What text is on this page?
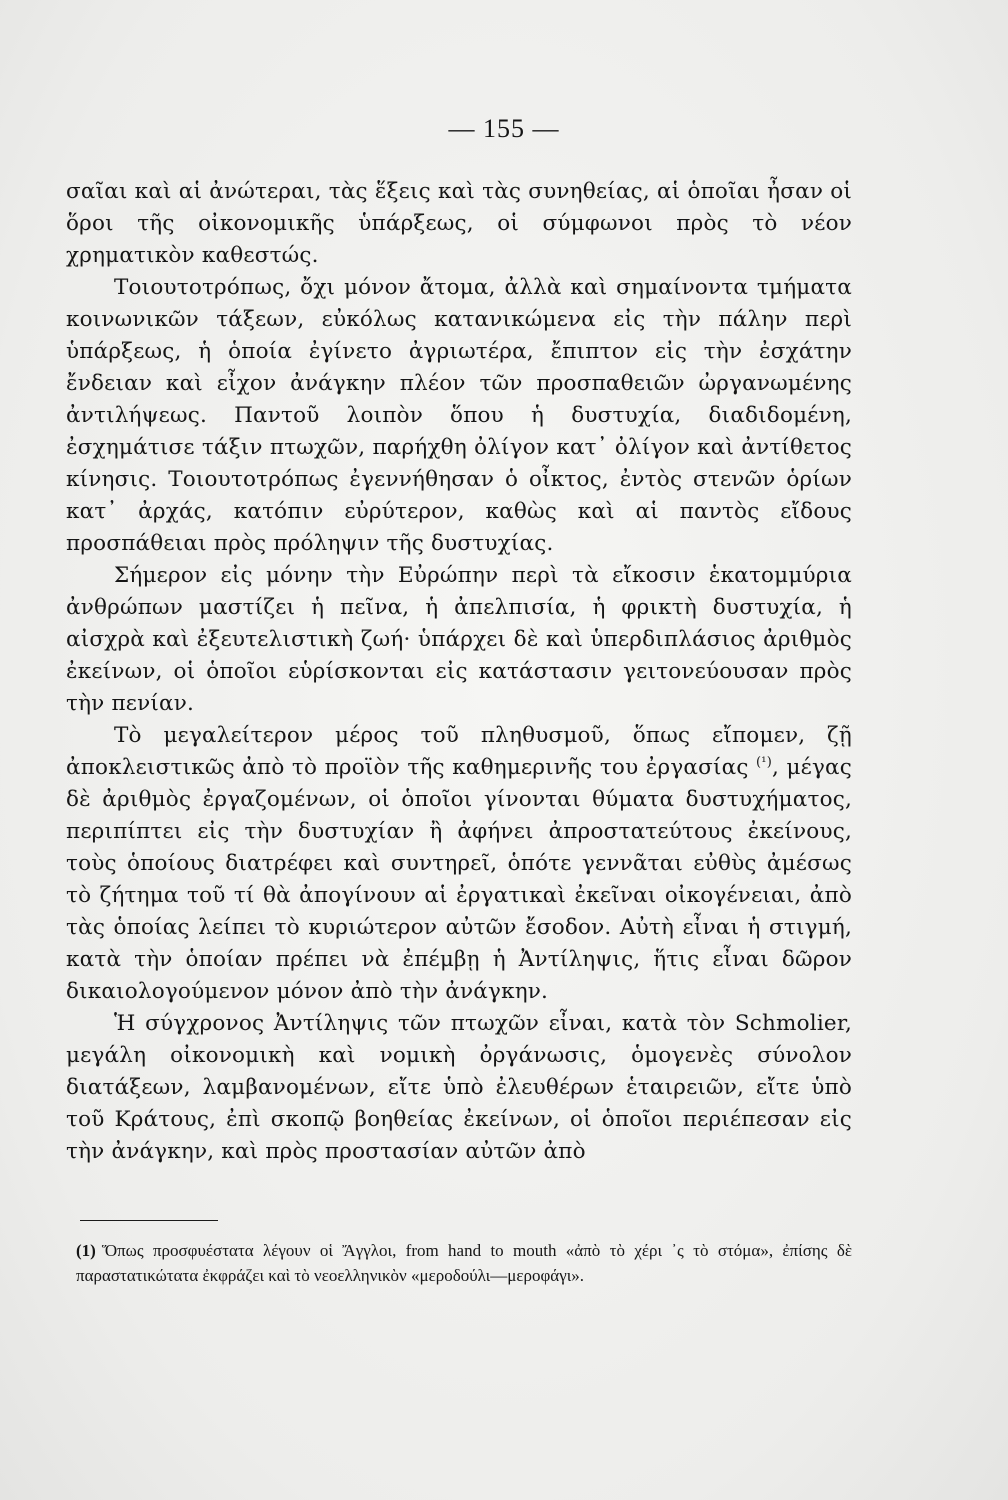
— 155 —

σαῖαι καὶ αἱ ἀνώτεραι, τὰς ἕξεις καὶ τὰς συνηθείας, αἱ ὁποῖαι ἦσαν οἱ ὅροι τῆς οἰκονομικῆς ὑπάρξεως, οἱ σύμφωνοι πρὸς τὸ νέον χρηματικὸν καθεστώς.

Τοιουτοτρόπως, ὄχι μόνον ἄτομα, ἀλλὰ καὶ σημαίνοντα τμήματα κοινωνικῶν τάξεων, εὐκόλως κατανικώμενα εἰς τὴν πάλην περὶ ὑπάρξεως, ἡ ὁποία ἐγίνετο ἀγριωτέρα, ἔπιπτον εἰς τὴν ἐσχάτην ἔνδειαν καὶ εἶχον ἀνάγκην πλέον τῶν προσπαθειῶν ὠργανωμένης ἀντιλήψεως. Παντοῦ λοιπὸν ὅπου ἡ δυστυχία, διαδιδομένη, ἐσχημάτισε τάξιν πτωχῶν, παρήχθη ὀλίγον κατ᾽ ὀλίγον καὶ ἀντίθετος κίνησις. Τοιουτοτρόπως ἐγεννήθησαν ὁ οἶκτος, ἐντὸς στενῶν ὁρίων κατ᾽ ἀρχάς, κατόπιν εὐρύτερον, καθὼς καὶ αἱ παντὸς εἴδους προσπάθειαι πρὸς πρόληψιν τῆς δυστυχίας.

Σήμερον εἰς μόνην τὴν Εὐρώπην περὶ τὰ εἴκοσιν ἑκατομμύρια ἀνθρώπων μαστίζει ἡ πεῖνα, ἡ ἀπελπισία, ἡ φρικτὴ δυστυχία, ἡ αἰσχρὰ καὶ ἐξευτελιστικὴ ζωή· ὑπάρχει δὲ καὶ ὑπερδιπλάσιος ἀριθμὸς ἐκείνων, οἱ ὁποῖοι εὑρίσκονται εἰς κατάστασιν γειτονεύουσαν πρὸς τὴν πενίαν.

Τὸ μεγαλείτερον μέρος τοῦ πληθυσμοῦ, ὅπως εἴπομεν, ζῇ ἀποκλειστικῶς ἀπὸ τὸ προϊὸν τῆς καθημερινῆς του ἐργασίας $^{(^1)}$, μέγας δὲ ἀριθμὸς ἐργαζομένων, οἱ ὁποῖοι γίνονται θύματα δυστυχήματος, περιπίπτει εἰς τὴν δυστυχίαν ἢ ἀφήνει ἀπροστατεύτους ἐκείνους, τοὺς ὁποίους διατρέφει καὶ συντηρεῖ, ὁπότε γεννᾶται εὐθὺς ἀμέσως τὸ ζήτημα τοῦ τί θὰ ἀπογίνουν αἱ ἐργατικαὶ ἐκεῖναι οἰκογένειαι, ἀπὸ τὰς ὁποίας λείπει τὸ κυριώτερον αὐτῶν ἔσοδον. Αὐτὴ εἶναι ἡ στιγμή, κατὰ τὴν ὁποίαν πρέπει νὰ ἐπέμβῃ ἡ Ἀντίληψις, ἥτις εἶναι δῶρον δικαιολογούμενον μόνον ἀπὸ τὴν ἀνάγκην.

Ἡ σύγχρονος Ἀντίληψις τῶν πτωχῶν εἶναι, κατὰ τὸν Schmolier, μεγάλη οἰκονομικὴ καὶ νομικὴ ὀργάνωσις, ὁμογενὲς σύνολον διατάξεων, λαμβανομένων, εἴτε ὑπὸ ἐλευθέρων ἑταιρειῶν, εἴτε ὑπὸ τοῦ Κράτους, ἐπὶ σκοπῷ βοηθείας ἐκείνων, οἱ ὁποῖοι περιέπεσαν εἰς τὴν ἀνάγκην, καὶ πρὸς προστασίαν αὐτῶν ἀπὸ

(1) Ὅπως προσφυέστατα λέγουν οἱ Ἄγγλοι, from hand to mouth «ἀπὸ τὸ χέρι ᾽ς τὸ στόμα», ἐπίσης δὲ παραστατικώτατα ἐκφράζει καὶ τὸ νεοελληνικὸν «μεροδούλι—μεροφάγι».
